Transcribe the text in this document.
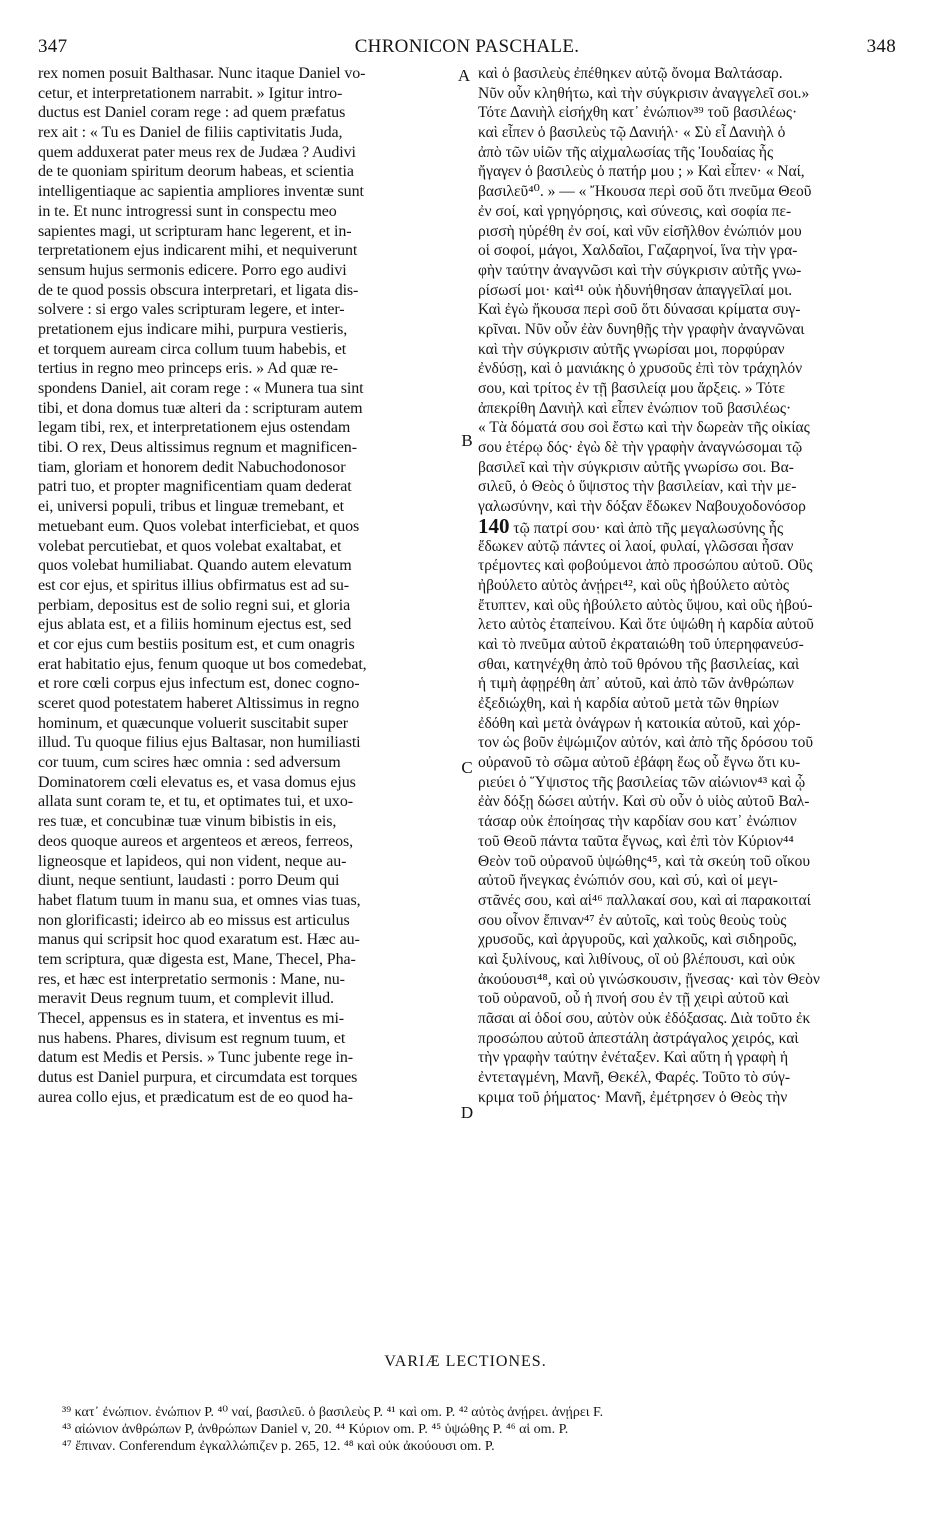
347	CHRONICON PASCHALE.	348
rex nomen posuit Balthasar. Nunc itaque Daniel vo-
cetur, et interpretationem narrabit. » Igitur intro-
ductus est Daniel coram rege : ad quem præfatus
rex ait : « Tu es Daniel de filiis captivitatis Juda,
quem adduxerat pater meus rex de Judæa ? Audivi
de te quoniam spiritum deorum habeas, et scientia
intelligentiaque ac sapientia ampliores inventæ sunt
in te. Et nunc introgressi sunt in conspectu meo
sapientes magi, ut scripturam hanc legerent, et in-
terpretationem ejus indicarent mihi, et nequiverunt
sensum hujus sermonis edicere. Porro ego audivi
de te quod possis obscura interpretari, et ligata dis-
solvere : si ergo vales scripturam legere, et inter-
pretationem ejus indicare mihi, purpura vestieris,
et torquem auream circa collum tuum habebis, et
tertius in regno meo princeps eris. » Ad quæ re-
spondens Daniel, ait coram rege : « Munera tua sint
tibi, et dona domus tuæ alteri da : scripturam autem
legam tibi, rex, et interpretationem ejus ostendam
tibi. O rex, Deus altissimus regnum et magnificen-
tiam, gloriam et honorem dedit Nabuchodonosor
patri tuo, et propter magnificentiam quam dederat
ei, universi populi, tribus et linguæ tremebant, et
metuebant eum. Quos volebat interficiebat, et quos
volebat percutiebat, et quos volebat exaltabat, et
quos volebat humiliabat. Quando autem elevatum
est cor ejus, et spiritus illius obfirmatus est ad su-
perbiam, depositus est de solio regni sui, et gloria
ejus ablata est, et a filiis hominum ejectus est, sed
et cor ejus cum bestiis positum est, et cum onagris
erat habitatio ejus, fenum quoque ut bos comedebat,
et rore cœli corpus ejus infectum est, donec cogno-
sceret quod potestatem haberet Altissimus in regno
hominum, et quæcunque voluerit suscitabit super
illud. Tu quoque filius ejus Baltasar, non humiliasti
cor tuum, cum scires hæc omnia : sed adversum
Dominatorem cœli elevatus es, et vasa domus ejus
allata sunt coram te, et tu, et optimates tui, et uxo-
res tuæ, et concubinæ tuæ vinum bibistis in eis,
deos quoque aureos et argenteos et æreos, ferreos,
ligneosque et lapideos, qui non vident, neque au-
diunt, neque sentiunt, laudasti : porro Deum qui
habet flatum tuum in manu sua, et omnes vias tuas,
non glorificasti; ideirco ab eo missus est articulus
manus qui scripsit hoc quod exaratum est. Hæc au-
tem scriptura, quæ digesta est, Mane, Thecel, Pha-
res, et hæc est interpretatio sermonis : Mane, nu-
meravit Deus regnum tuum, et complevit illud.
Thecel, appensus es in statera, et inventus es mi-
nus habens. Phares, divisum est regnum tuum, et
datum est Medis et Persis. » Tunc jubente rege in-
dutus est Daniel purpura, et circumdata est torques
aurea collo ejus, et prædicatum est de eo quod ha-
καὶ ὁ βασιλεὺς ἐπέθηκεν αὐτῷ ὄνομα Βαλτάσαρ.
Νῦν οὖν κληθήτω, καὶ τὴν σύγκρισιν ἀναγγελεῖ σοι.»
Τότε Δανιὴλ εἰσήχθη κατ᾽ ἐνώπιον³⁹ τοῦ βασιλέως·
καὶ εἶπεν ὁ βασιλεὺς τῷ Δανιήλ· « Σὺ εἶ Δανιὴλ ὁ
ἀπὸ τῶν υἱῶν τῆς αἰχμαλωσίας τῆς Ἰουδαίας ἧς
ἤγαγεν ὁ βασιλεὺς ὁ πατήρ μου ; » Καὶ εἶπεν· « Ναί,
βασιλεῦ⁴⁰. » — « Ἤκουσα περὶ σοῦ ὅτι πνεῦμα Θεοῦ
ἐν σοί, καὶ γρηγόρησις, καὶ σύνεσις, καὶ σοφία πε-
ρισσὴ ηὑρέθη ἐν σοί, καὶ νῦν εἰσῆλθον ἐνώπιόν μου
οἱ σοφοί, μάγοι, Χαλδαῖοι, Γαζαρηνοί, ἵνα τὴν γρα-
φὴν ταύτην ἀναγνῶσι καὶ τὴν σύγκρισιν αὐτῆς γνω-
ρίσωσί μοι· καὶ⁴¹ οὐκ ἠδυνήθησαν ἀπαγγεῖλαί μοι.
Καὶ ἐγὼ ἤκουσα περὶ σοῦ ὅτι δύνασαι κρίματα συγ-
κρῖναι. Νῦν οὖν ἐὰν δυνηθῇς τὴν γραφὴν ἀναγνῶναι
καὶ τὴν σύγκρισιν αὐτῆς γνωρίσαι μοι, πορφύραν
ἐνδύσῃ, καὶ ὁ μανιάκης ὁ χρυσοῦς ἐπὶ τὸν τράχηλόν
σου, καὶ τρίτος ἐν τῇ βασιλείᾳ μου ἄρξεις. » Τότε
ἀπεκρίθη Δανιὴλ καὶ εἶπεν ἐνώπιον τοῦ βασιλέως·
« Τὰ δόματά σου σοὶ ἔστω καὶ τὴν δωρεὰν τῆς οἰκίας
σου ἑτέρῳ δός· ἐγὼ δὲ τὴν γραφὴν ἀναγνώσομαι τῷ
βασιλεῖ καὶ τὴν σύγκρισιν αὐτῆς γνωρίσω σοι. Βα-
σιλεῦ, ὁ Θεὸς ὁ ὕψιστος τὴν βασιλείαν, καὶ τὴν με-
γαλωσύνην, καὶ τὴν δόξαν ἔδωκεν Ναβουχοδονόσορ
140 τῷ πατρί σου· καὶ ἀπὸ τῆς μεγαλωσύνης ἧς
ἔδωκεν αὐτῷ πάντες οἱ λαοί, φυλαί, γλῶσσαι ἦσαν
τρέμοντες καὶ φοβούμενοι ἀπὸ προσώπου αὐτοῦ. Οὓς
ἠβούλετο αὐτὸς ἀνῄρει⁴², καὶ οὓς ἠβούλετο αὐτὸς
ἔτυπτεν, καὶ οὓς ἠβούλετο αὐτὸς ὕψου, καὶ οὓς ἠβού-
λετο αὐτὸς ἐταπείνου. Καὶ ὅτε ὑψώθη ἡ καρδία αὐτοῦ
καὶ τὸ πνεῦμα αὐτοῦ ἐκραταιώθη τοῦ ὑπερηφανεύσ-
σθαι, κατηνέχθη ἀπὸ τοῦ θρόνου τῆς βασιλείας, καὶ
ἡ τιμὴ ἀφῃρέθη ἀπ᾽ αὐτοῦ, καὶ ἀπὸ τῶν ἀνθρώπων
ἐξεδιώχθη, καὶ ἡ καρδία αὐτοῦ μετὰ τῶν θηρίων
ἐδόθη καὶ μετὰ ὀνάγρων ἡ κατοικία αὐτοῦ, καὶ χόρ-
τον ὡς βοῦν ἐψώμιζον αὐτόν, καὶ ἀπὸ τῆς δρόσου τοῦ
οὐρανοῦ τὸ σῶμα αὐτοῦ ἐβάφη ἕως οὗ ἔγνω ὅτι κυ-
ριεύει ὁ Ὕψιστος τῆς βασιλείας τῶν αἰώνιον⁴³ καὶ ᾧ
ἐὰν δόξῃ δώσει αὐτήν. Καὶ σὺ οὖν ὁ υἱὸς αὐτοῦ Βαλ-
τάσαρ οὐκ ἐποίησας τὴν καρδίαν σου κατ᾽ ἐνώπιον
τοῦ Θεοῦ πάντα ταῦτα ἔγνως, καὶ ἐπὶ τὸν Κύριον⁴⁴
Θεὸν τοῦ οὐρανοῦ ὑψώθης⁴⁵, καὶ τὰ σκεύη τοῦ οἴκου
αὐτοῦ ἤνεγκας ἐνώπιόν σου, καὶ σύ, καὶ οἱ μεγι-
στᾶνές σου, καὶ αἱ⁴⁶ παλλακαί σου, καὶ αἱ παρακοιταί
σου οἶνον ἔπιναν⁴⁷ ἐν αὐτοῖς, καὶ τοὺς θεοὺς τοὺς
χρυσοῦς, καὶ ἀργυροῦς, καὶ χαλκοῦς, καὶ σιδηροῦς,
καὶ ξυλίνους, καὶ λιθίνους, οἳ οὐ βλέπουσι, καὶ οὐκ
ἀκούουσι⁴⁸, καὶ οὐ γινώσκουσιν, ᾔνεσας· καὶ τὸν Θεὸν
τοῦ οὐρανοῦ, οὗ ἡ πνοή σου ἐν τῇ χειρὶ αὐτοῦ καὶ
πᾶσαι αἱ ὁδοί σου, αὐτὸν οὐκ ἐδόξασας. Διὰ τοῦτο ἐκ
προσώπου αὐτοῦ ἀπεστάλη ἀστράγαλος χειρός, καὶ
τὴν γραφὴν ταύτην ἐνέταξεν. Καὶ αὕτη ἡ γραφὴ ἡ
ἐντεταγμένη, Μανῆ, Θεκέλ, Φαρές. Τοῦτο τὸ σύγ-
κριμα τοῦ ῥήματος· Μανῆ, ἐμέτρησεν ὁ Θεὸς τὴν
A
B
C
D
VARIÆ LECTIONES.
³⁹ κατ᾽ ἐνώπιον. ἐνώπιον P. ⁴⁰ ναί, βασιλεῦ. ὁ βασιλεὺς P. ⁴¹ καὶ om. P. ⁴² αὐτὸς ἀνῄρει. ἀνῄρει F.
⁴³ αἰώνιον ἀνθρώπων P, ἀνθρώπων Daniel v, 20. ⁴⁴ Κύριον om. P. ⁴⁵ ὑψώθης P. ⁴⁶ αἱ om. P.
⁴⁷ ἔπιναν. Conferendum ἐγκαλλώπιζεν p. 265, 12. ⁴⁸ καὶ οὐκ ἀκούουσι om. P.
